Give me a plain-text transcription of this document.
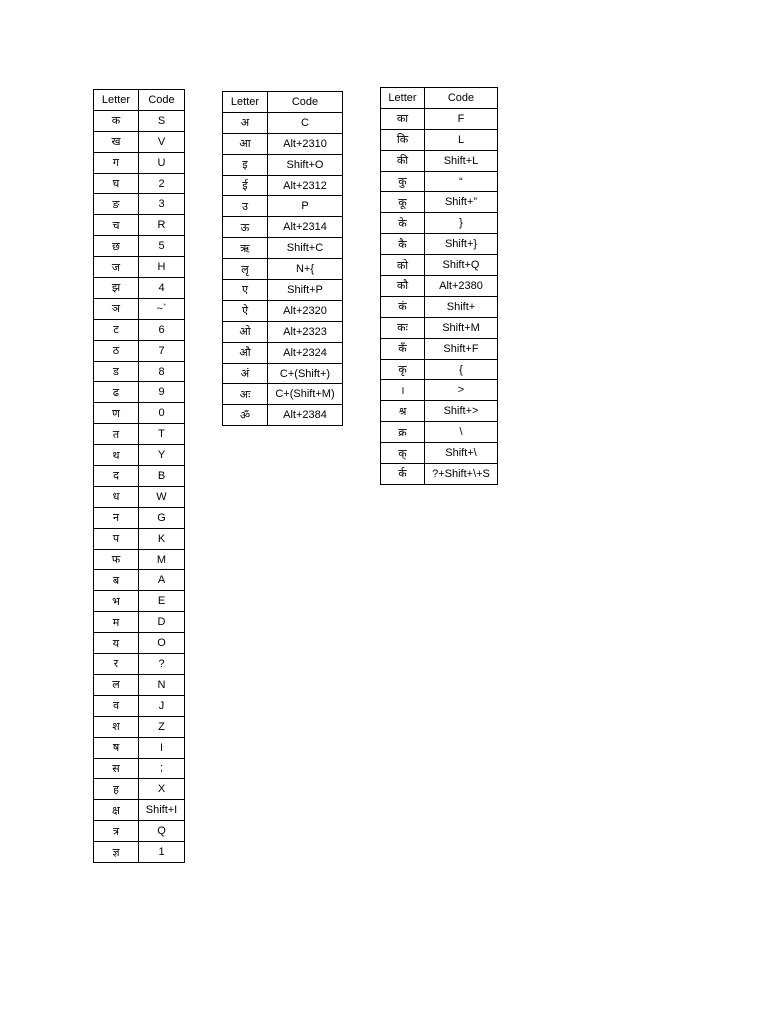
Letter	Code
क	S
ख	V
ग	U
घ	2
ङ	3
च	R
छ	5
ज	H
झ	4
ञ	~`
ट	6
ठ	7
ड	8
ढ	9
ण	0
त	T
थ	Y
द	B
ध	W
न	G
प	K
फ	M
ब	A
भ	E
म	D
य	O
र	?
ल	N
व	J
श	Z
ष	I
स	;
ह	X
क्ष	Shift+I
त्र	Q
ज्ञ	1
Letter	Code
अ	C
आ	Alt+2310
इ	Shift+O
ई	Alt+2312
उ	P
ऊ	Alt+2314
ऋ	Shift+C
लृ	N+{
ए	Shift+P
ऐ	Alt+2320
ओ	Alt+2323
औ	Alt+2324
अं	C+(Shift+)
अः	C+(Shift+M)
ॐ	Alt+2384
Letter	Code
का	F
कि	L
की	Shift+L
कु	“
कू	Shift+”
के	}
कै	Shift+}
को	Shift+Q
कौ	Alt+2380
कं	Shift+
कः	Shift+M
कँ	Shift+F
कृ	{
।	>
श्र	Shift+>
क्र	\
क्	Shift+\
र्क	?+Shift+\+S
